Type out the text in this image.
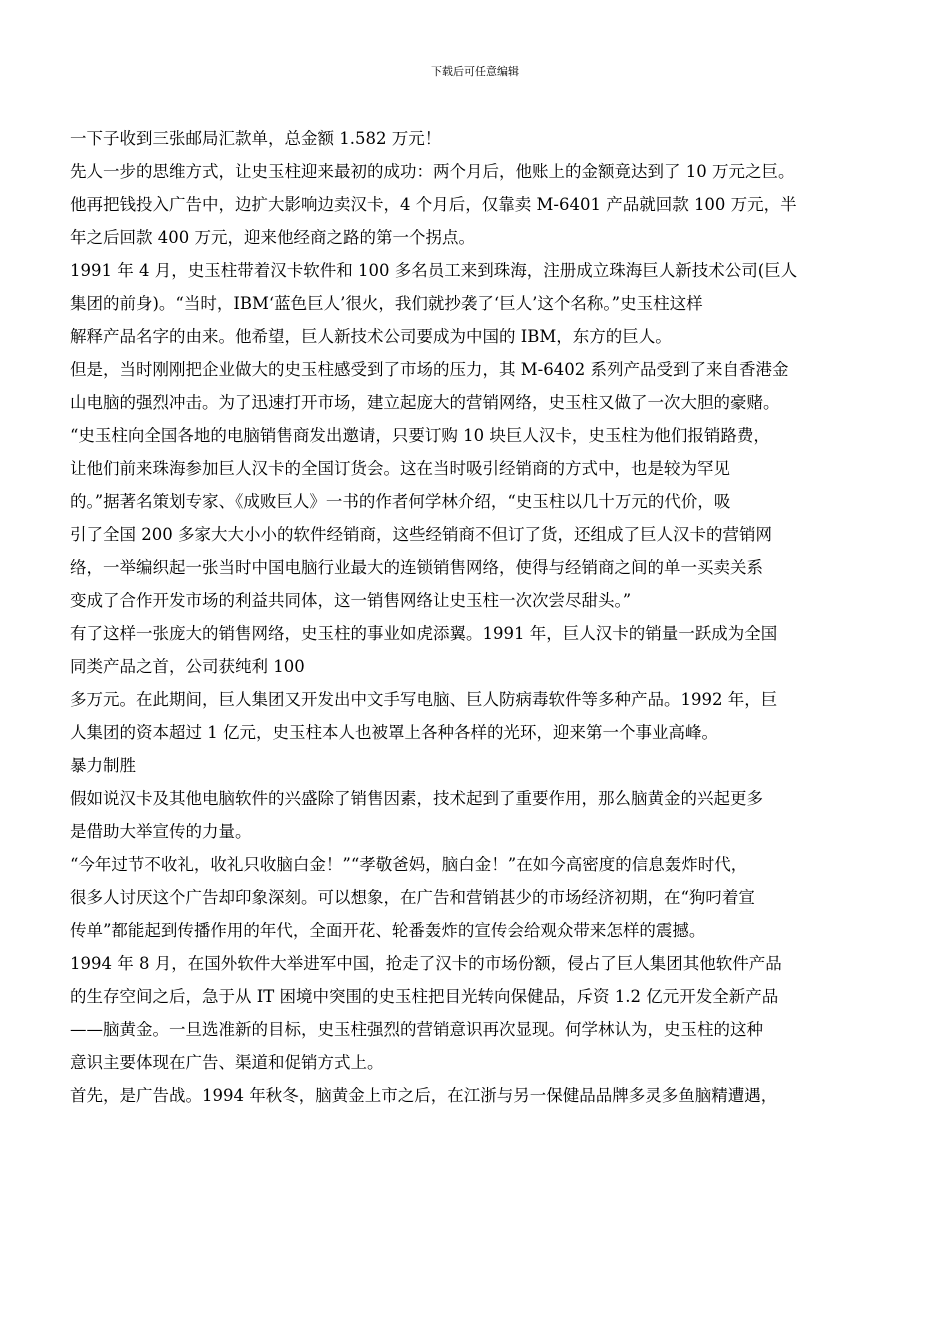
下载后可任意编辑
一下子收到三张邮局汇款单，总金额 1.582 万元！
先人一步的思维方式，让史玉柱迎来最初的成功：两个月后，他账上的金额竟达到了 10 万元之巨。
他再把钱投入广告中，边扩大影响边卖汉卡，4 个月后，仅靠卖 M-6401 产品就回款 100 万元，半
年之后回款 400 万元，迎来他经商之路的第一个拐点。
1991 年 4 月，史玉柱带着汉卡软件和 100 多名员工来到珠海，注册成立珠海巨人新技术公司(巨人
集团的前身)。“当时，IBM‘蓝色巨人’很火，我们就抄袭了‘巨人’这个名称。”史玉柱这样
解释产品名字的由来。他希望，巨人新技术公司要成为中国的 IBM，东方的巨人。
但是，当时刚刚把企业做大的史玉柱感受到了市场的压力，其 M-6402 系列产品受到了来自香港金
山电脑的强烈冲击。为了迅速打开市场，建立起庞大的营销网络，史玉柱又做了一次大胆的豪赌。
“史玉柱向全国各地的电脑销售商发出邀请，只要订购 10 块巨人汉卡，史玉柱为他们报销路费，
让他们前来珠海参加巨人汉卡的全国订货会。这在当时吸引经销商的方式中，也是较为罕见
的。”据著名策划专家、《成败巨人》一书的作者何学林介绍，“史玉柱以几十万元的代价，吸
引了全国 200 多家大大小小的软件经销商，这些经销商不但订了货，还组成了巨人汉卡的营销网
络，一举编织起一张当时中国电脑行业最大的连锁销售网络，使得与经销商之间的单一买卖关系
变成了合作开发市场的利益共同体，这一销售网络让史玉柱一次次尝尽甜头。”
有了这样一张庞大的销售网络，史玉柱的事业如虎添翼。1991 年，巨人汉卡的销量一跃成为全国
同类产品之首，公司获纯利 100
多万元。在此期间，巨人集团又开发出中文手写电脑、巨人防病毒软件等多种产品。1992 年，巨
人集团的资本超过 1 亿元，史玉柱本人也被罩上各种各样的光环，迎来第一个事业高峰。
暴力制胜
假如说汉卡及其他电脑软件的兴盛除了销售因素，技术起到了重要作用，那么脑黄金的兴起更多
是借助大举宣传的力量。
“今年过节不收礼，收礼只收脑白金！”“孝敬爸妈，脑白金！”在如今高密度的信息轰炸时代，
很多人讨厌这个广告却印象深刻。可以想象，在广告和营销甚少的市场经济初期，在“狗叼着宣
传单”都能起到传播作用的年代，全面开花、轮番轰炸的宣传会给观众带来怎样的震撼。
1994 年 8 月，在国外软件大举进军中国，抢走了汉卡的市场份额，侵占了巨人集团其他软件产品
的生存空间之后，急于从 IT 困境中突围的史玉柱把目光转向保健品，斥资 1.2 亿元开发全新产品
——脑黄金。一旦选准新的目标，史玉柱强烈的营销意识再次显现。何学林认为，史玉柱的这种
意识主要体现在广告、渠道和促销方式上。
首先，是广告战。1994 年秋冬，脑黄金上市之后，在江浙与另一保健品品牌多灵多鱼脑精遭遇，
